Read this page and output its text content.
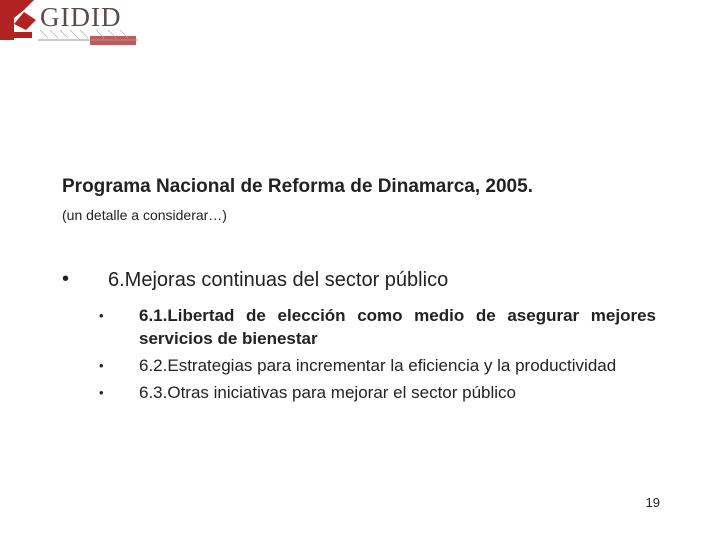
GIDID
Programa Nacional de Reforma de Dinamarca, 2005.
(un detalle a considerar…)
• 6.Mejoras continuas del sector público
• 6.1.Libertad de elección como medio de asegurar mejores servicios de bienestar
• 6.2.Estrategias para incrementar la eficiencia y la productividad
• 6.3.Otras iniciativas para mejorar el sector público
19
